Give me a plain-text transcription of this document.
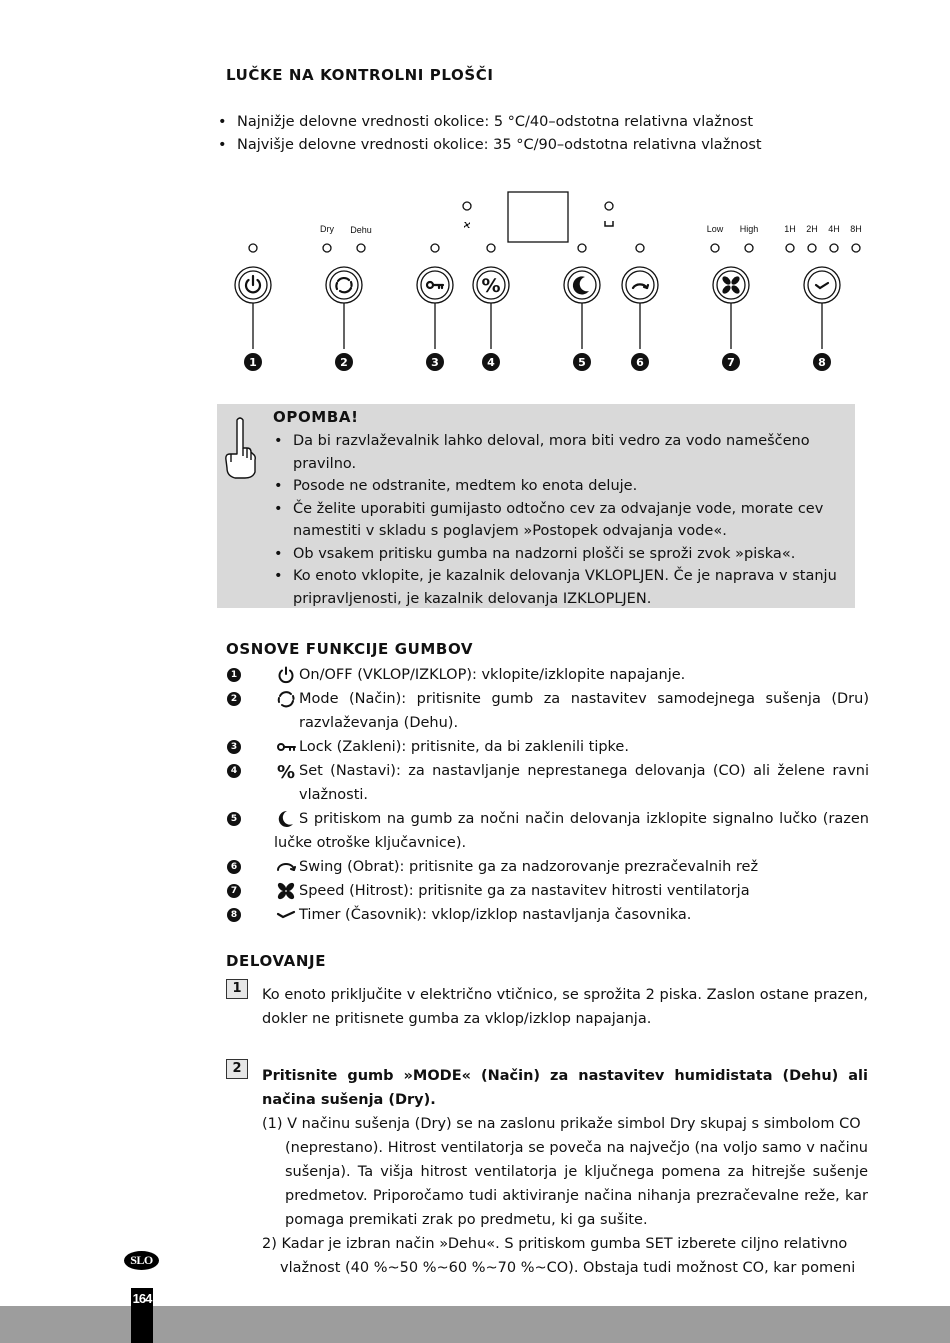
LUČKE NA KONTROLNI PLOŠČI
• Najnižje delovne vrednosti okolice: 5 °C/40–odstotna relativna vlažnost
• Najvišje delovne vrednosti okolice: 35 °C/90–odstotna relativna vlažnost
%
Dry Dehu	Low High	1H 2H 4H 8H
1	2	3	4	5	6	7	8
OPOMBA!
• Da bi razvlaževalnik lahko deloval, mora biti vedro za vodo nameščeno pravilno.
• Posode ne odstranite, medtem ko enota deluje.
• Če želite uporabiti gumijasto odtočno cev za odvajanje vode, morate cev namestiti v skladu s poglavjem »Postopek odvajanja vode«.
• Ob vsakem pritisku gumba na nadzorni plošči se sproži zvok »piska«.
• Ko enoto vklopite, je kazalnik delovanja VKLOPLJEN. Če je naprava v stanju pripravljenosti, je kazalnik delovanja IZKLOPLJEN.
OSNOVE FUNKCIJE GUMBOV
1	On/OFF (VKLOP/IZKLOP): vklopite/izklopite napajanje.
2	Mode (Način): pritisnite gumb za nastavitev samodejnega sušenja (Dru) razvlaževanja (Dehu).
3	Lock (Zakleni): pritisnite, da bi zaklenili tipke.
4 % Set (Nastavi): za nastavljanje neprestanega delovanja (CO) ali želene ravni vlažnosti.
5	S pritiskom na gumb za nočni način delovanja izklopite signalno lučko (razen lučke otroške ključavnice).
6	Swing (Obrat): pritisnite ga za nadzorovanje prezračevalnih rež
7	Speed (Hitrost): pritisnite ga za nastavitev hitrosti ventilatorja
8	Timer (Časovnik): vklop/izklop nastavljanja časovnika.
DELOVANJE
1	Ko enoto priključite v električno vtičnico, se sprožita 2 piska. Zaslon ostane prazen, dokler ne pritisnete gumba za vklop/izklop napajanja.

2	Pritisnite gumb »MODE« (Način) za nastavitev humidistata (Dehu) ali načina sušenja (Dry).

(1) V načinu sušenja (Dry) se na zaslonu prikaže simbol Dry skupaj s simbolom CO
(neprestano). Hitrost ventilatorja se poveča na največjo (na voljo samo v načinu sušenja). Ta višja hitrost ventilatorja je ključnega pomena za hitrejše sušenje predmetov. Priporočamo tudi aktiviranje načina nihanja prezračevalne reže, kar pomaga premikati zrak po predmetu, ki ga sušite.
2) Kadar je izbran način »Dehu«. S pritiskom gumba SET izberete ciljno relativno
vlažnost (40 %~50 %~60 %~70 %~CO). Obstaja tudi možnost CO, kar pomeni
SLO
164
